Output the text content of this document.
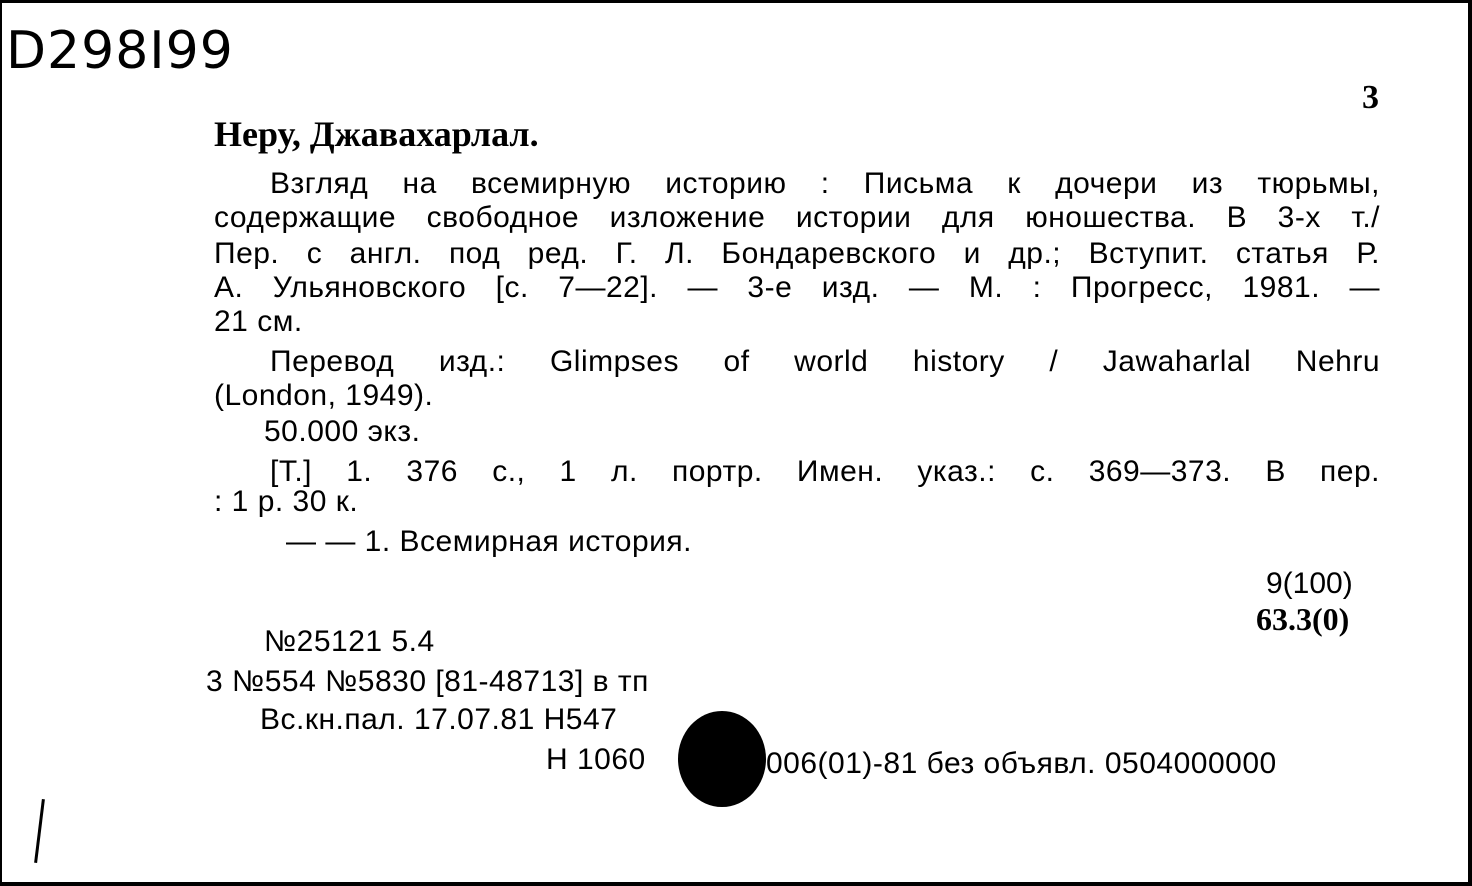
D298I99
3
Неру, Джавахарлал.
Взгляд на всемирную историю : Письма к дочери из тюрьмы,
содержащие свободное изложение истории для юношества. В 3-х т./
Пер. с англ. под ред. Г. Л. Бондаревского и др.; Вступит. статья Р.
А. Ульяновского [с. 7—22]. — 3-е изд. — М. : Прогресс, 1981. —
21 см.
Перевод изд.: Glimpses of world history / Jawaharlal Nehru
(London, 1949).
50.000 экз.
[Т.] 1. 376 с., 1 л. портр. Имен. указ.: с. 369—373. В пер.
: 1 р. 30 к.
— — 1. Всемирная история.
9(100)
63.3(0)
№25121 5.4
3 №554 №5830 [81-48713] в тп
Вс.кн.пал. 17.07.81 Н547
Н 1060	006(01)-81 без объявл. 0504000000
